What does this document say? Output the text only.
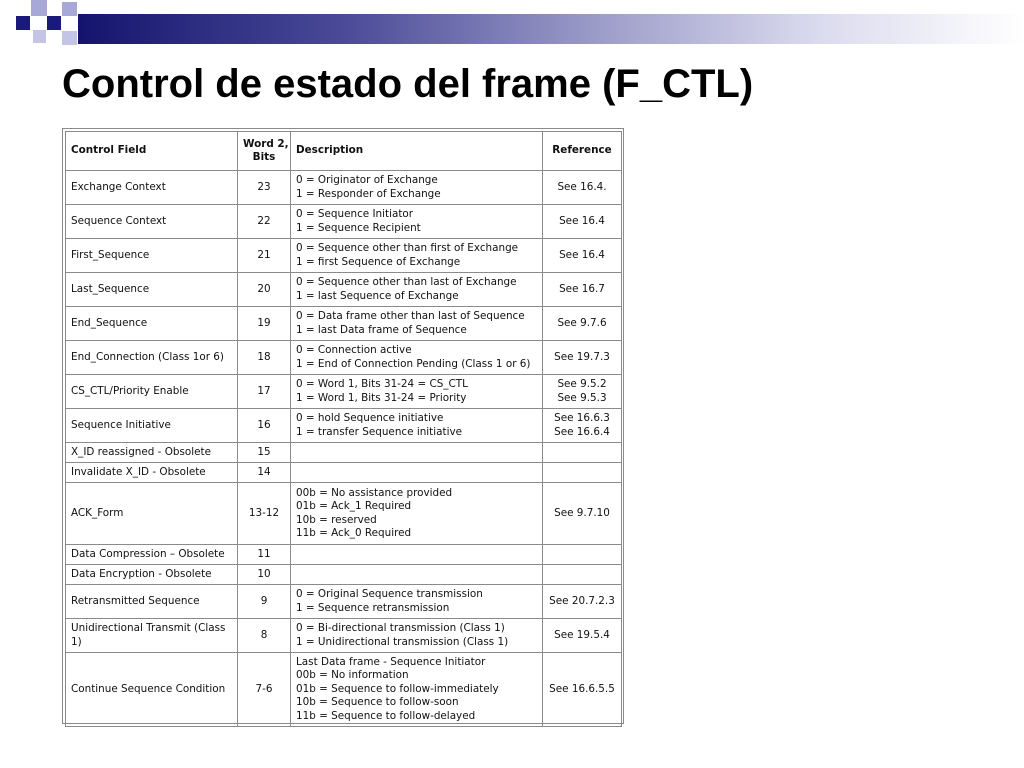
Control de estado del frame (F_CTL)
Control Field	Word 2,
Bits	Description	Reference
Exchange Context	23	0 = Originator of Exchange
1 = Responder of Exchange	See 16.4.

Sequence Context	22	0 = Sequence Initiator
1 = Sequence Recipient	See 16.4

First_Sequence	21	0 = Sequence other than first of Exchange
1 = first Sequence of Exchange	See 16.4

Last_Sequence	20	0 = Sequence other than last of Exchange
1 = last Sequence of Exchange	See 16.7

End_Sequence	19	0 = Data frame other than last of Sequence
1 = last Data frame of Sequence	See 9.7.6

End_Connection (Class 1or 6)	18	0 = Connection active
1 = End of Connection Pending (Class 1 or 6)	See 19.7.3

CS_CTL/Priority Enable	17	0 = Word 1, Bits 31-24 = CS_CTL
1 = Word 1, Bits 31-24 = Priority	See 9.5.2
See 9.5.3

Sequence Initiative	16	0 = hold Sequence initiative
1 = transfer Sequence initiative	See 16.6.3
See 16.6.4

X_ID reassigned - Obsolete	15		
Invalidate X_ID - Obsolete	14		
ACK_Form	13-12	00b = No assistance provided
01b = Ack_1 Required
10b = reserved
11b = Ack_0 Required	See 9.7.10

Data Compression – Obsolete	11		
Data Encryption - Obsolete	10		
Retransmitted Sequence	9	0 = Original Sequence transmission
1 = Sequence retransmission	See 20.7.2.3

Unidirectional Transmit (Class 1)	8	0 = Bi-directional transmission (Class 1)
1 = Unidirectional transmission (Class 1)	See 19.5.4

Continue Sequence Condition	7-6	Last Data frame - Sequence Initiator
00b = No information
01b = Sequence to follow-immediately
10b = Sequence to follow-soon
11b = Sequence to follow-delayed	See 16.6.5.5
